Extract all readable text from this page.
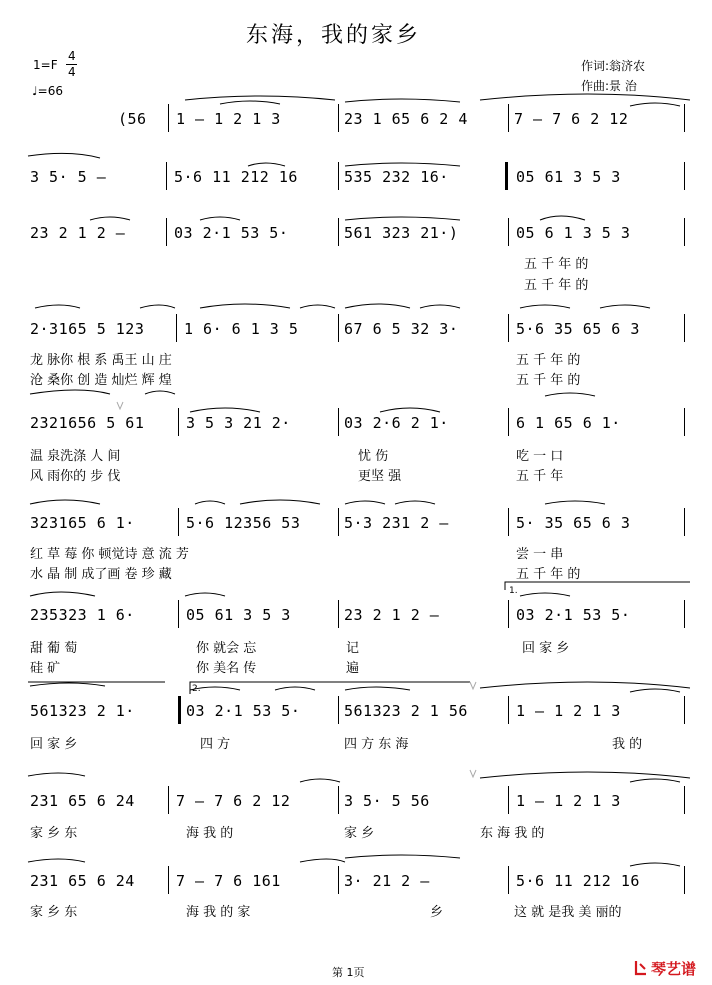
东海，我的家乡
1=F
4
4
♩=66
作词:翁济农
作曲:景 治
(56 1 – 1 2 1 3	23 1 65 6 2 4	7 – 7 6 2 12
3 5· 5 –	5·6 11 212 16	535 232 16·	05 61 3 5 3
23 2 1 2 –	03 2·1 53 5·	561 323 21·)	05 6 1 3 5 3
五 千 年 的
五 千 年 的
2·3165 5 123	1 6· 6 1 3 5	67 6 5 32 3·	5·6 35 65 6 3
龙 脉你 根 系 禹王 山 庄	五 千 年 的
沧 桑你 创 造 灿烂 辉 煌	五 千 年 的
2321656 5 61	3 5 3 21 2·	03 2·6 2 1·	6 1 65 6 1·
温 泉洗涤 人 间	忧 伤	吃 一 口
风 雨你的 步 伐	更坚 强	五 千 年
323165 6 1·	5·6 12356 53	5·3 231 2 –	5· 35 65 6 3
红 草 莓 你 顿觉诗 意 流 芳	尝 一 串
水 晶 制 成了画 卷 珍 藏	五 千 年 的
235323 1 6·	05 61 3 5 3	23 2 1 2 –
1.
03 2·1 53 5·
甜 葡 萄	你 就会 忘	记	回 家 乡
硅 矿	你 美名 传	遍
2.
561323 2 1·	03 2·1 53 5·	561323 2 1 56	1 – 1 2 1 3
回 家 乡	四 方	四 方 东 海	我 的
231 65 6 24	7 – 7 6 2 12	3 5· 5 56	1 – 1 2 1 3
家 乡 东	海 我 的	家 乡	东 海 我 的
231 65 6 24	7 – 7 6 161	3· 21 2 –	5·6 11 212 16
家 乡 东	海 我 的 家	乡	这 就 是我 美 丽的
第 1页	琴艺谱
